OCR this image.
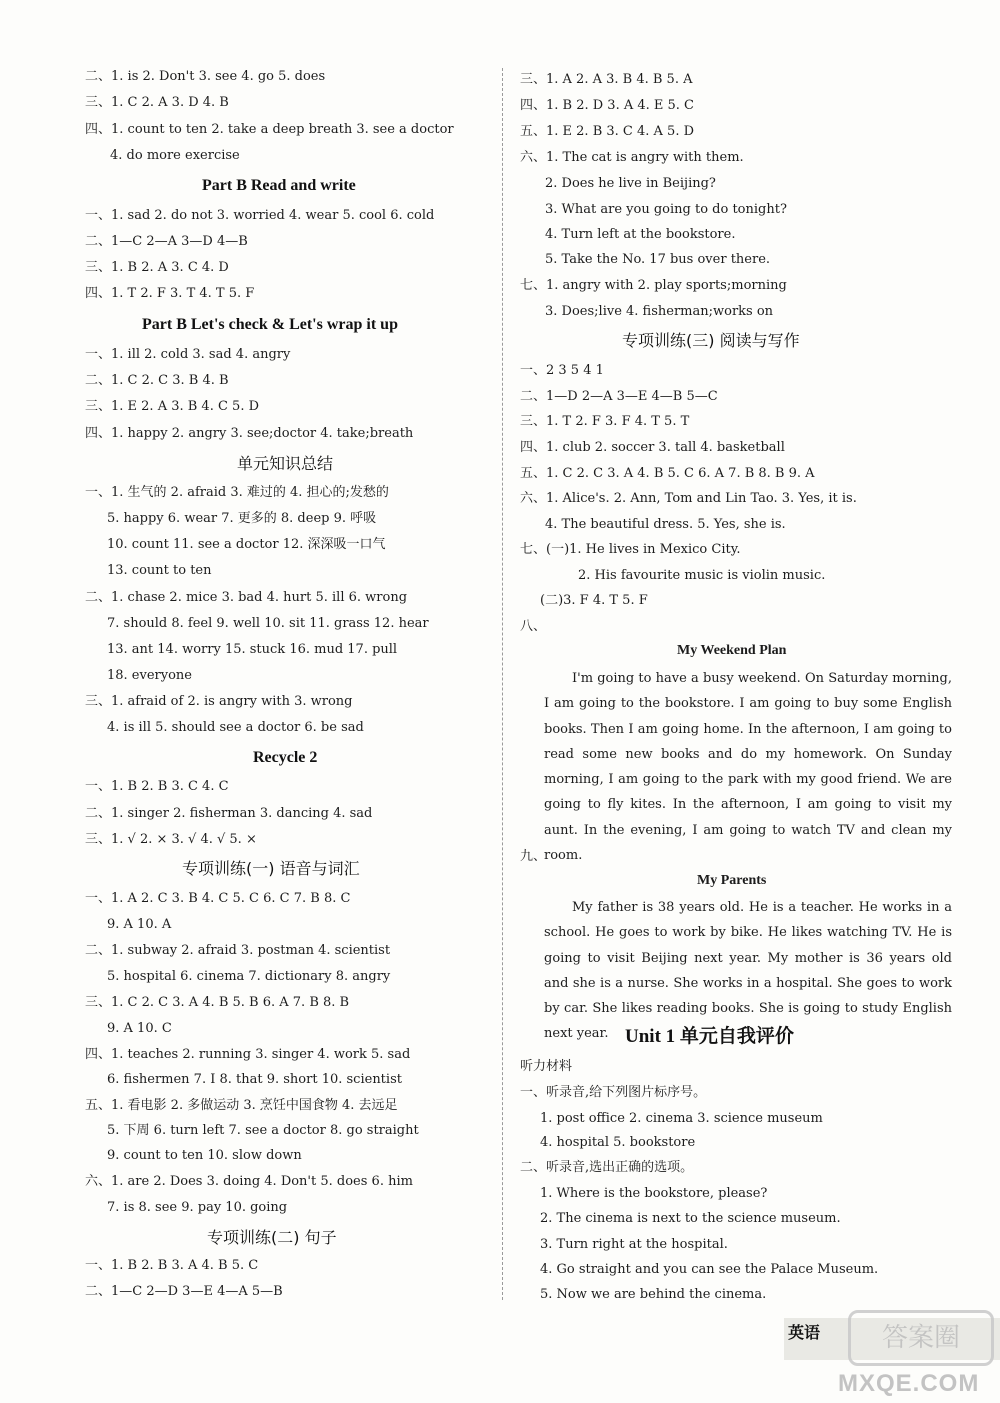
二、1. is 2. Don't 3. see 4. go 5. does
三、1. C 2. A 3. D 4. B
四、1. count to ten 2. take a deep breath 3. see a doctor
4. do more exercise
Part B Read and write
一、1. sad 2. do not 3. worried 4. wear 5. cool 6. cold
二、1—C 2—A 3—D 4—B
三、1. B 2. A 3. C 4. D
四、1. T 2. F 3. T 4. T 5. F
Part B Let's check & Let's wrap it up
一、1. ill 2. cold 3. sad 4. angry
二、1. C 2. C 3. B 4. B
三、1. E 2. A 3. B 4. C 5. D
四、1. happy 2. angry 3. see;doctor 4. take;breath
单元知识总结
一、1. 生气的 2. afraid 3. 难过的 4. 担心的;发愁的
5. happy 6. wear 7. 更多的 8. deep 9. 呼吸
10. count 11. see a doctor 12. 深深吸一口气
13. count to ten
二、1. chase 2. mice 3. bad 4. hurt 5. ill 6. wrong
7. should 8. feel 9. well 10. sit 11. grass 12. hear
13. ant 14. worry 15. stuck 16. mud 17. pull
18. everyone
三、1. afraid of 2. is angry with 3. wrong
4. is ill 5. should see a doctor 6. be sad
Recycle 2
一、1. B 2. B 3. C 4. C
二、1. singer 2. fisherman 3. dancing 4. sad
三、1. √ 2. × 3. √ 4. √ 5. ×
专项训练(一) 语音与词汇
一、1. A 2. C 3. B 4. C 5. C 6. C 7. B 8. C
9. A 10. A
二、1. subway 2. afraid 3. postman 4. scientist
5. hospital 6. cinema 7. dictionary 8. angry
三、1. C 2. C 3. A 4. B 5. B 6. A 7. B 8. B
9. A 10. C
四、1. teaches 2. running 3. singer 4. work 5. sad
6. fishermen 7. I 8. that 9. short 10. scientist
五、1. 看电影 2. 多做运动 3. 烹饪中国食物 4. 去远足
5. 下周 6. turn left 7. see a doctor 8. go straight
9. count to ten 10. slow down
六、1. are 2. Does 3. doing 4. Don't 5. does 6. him
7. is 8. see 9. pay 10. going
专项训练(二) 句子
一、1. B 2. B 3. A 4. B 5. C
二、1—C 2—D 3—E 4—A 5—B
三、1. A 2. A 3. B 4. B 5. A
四、1. B 2. D 3. A 4. E 5. C
五、1. E 2. B 3. C 4. A 5. D
六、1. The cat is angry with them.
2. Does he live in Beijing?
3. What are you going to do tonight?
4. Turn left at the bookstore.
5. Take the No. 17 bus over there.
七、1. angry with 2. play sports;morning
3. Does;live 4. fisherman;works on
专项训练(三) 阅读与写作
一、2 3 5 4 1
二、1—D 2—A 3—E 4—B 5—C
三、1. T 2. F 3. F 4. T 5. T
四、1. club 2. soccer 3. tall 4. basketball
五、1. C 2. C 3. A 4. B 5. C 6. A 7. B 8. B 9. A
六、1. Alice's. 2. Ann, Tom and Lin Tao. 3. Yes, it is.
4. The beautiful dress. 5. Yes, she is.
七、(一)1. He lives in Mexico City.
2. His favourite music is violin music.
(二)3. F 4. T 5. F
八、
My Weekend Plan
I'm going to have a busy weekend. On Saturday morning, I am going to the bookstore. I am going to buy some English books. Then I am going home. In the afternoon, I am going to read some new books and do my homework. On Sunday morning, I am going to the park with my good friend. We are going to fly kites. In the afternoon, I am going to visit my aunt. In the evening, I am going to watch TV and clean my room.
九、
My Parents
My father is 38 years old. He is a teacher. He works in a school. He goes to work by bike. He likes watching TV. He is going to visit Beijing next year. My mother is 36 years old and she is a nurse. She works in a hospital. She goes to work by car. She likes reading books. She is going to study English next year. Unit 1 单元自我评价
听力材料
一、听录音,给下列图片标序号。
1. post office 2. cinema 3. science museum
4. hospital 5. bookstore
二、听录音,选出正确的选项。
1. Where is the bookstore, please?
2. The cinema is next to the science museum.
3. Turn right at the hospital.
4. Go straight and you can see the Palace Museum.
5. Now we are behind the cinema.
英语	答案圈
MXQE.COM
